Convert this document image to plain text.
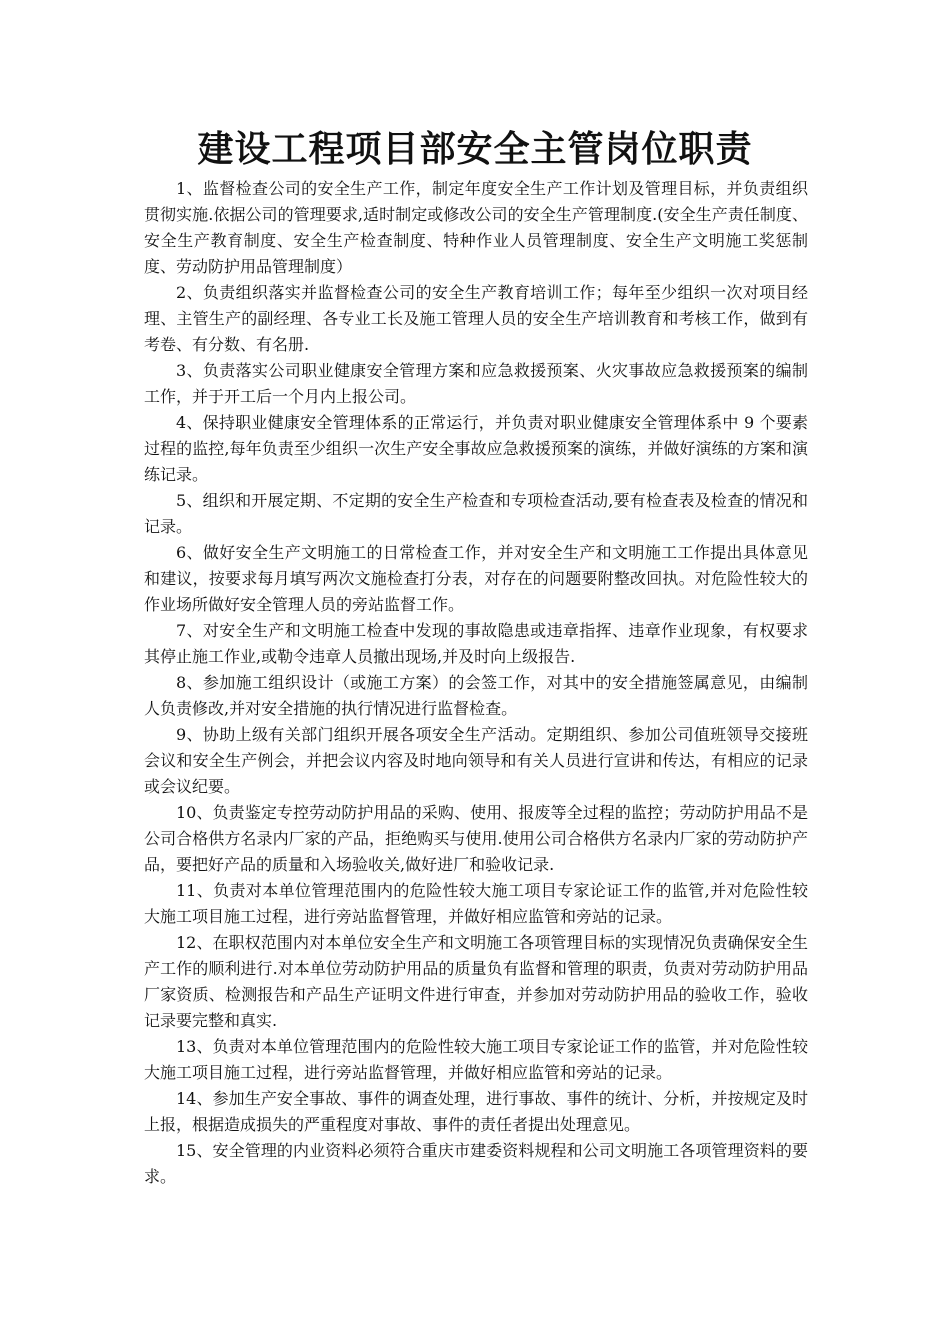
建设工程项目部安全主管岗位职责

1、监督检查公司的安全生产工作，制定年度安全生产工作计划及管理目标，并负责组织贯彻实施.依据公司的管理要求,适时制定或修改公司的安全生产管理制度.(安全生产责任制度、安全生产教育制度、安全生产检查制度、特种作业人员管理制度、安全生产文明施工奖惩制度、劳动防护用品管理制度）

2、负责组织落实并监督检查公司的安全生产教育培训工作；每年至少组织一次对项目经理、主管生产的副经理、各专业工长及施工管理人员的安全生产培训教育和考核工作，做到有考卷、有分数、有名册.

3、负责落实公司职业健康安全管理方案和应急救援预案、火灾事故应急救援预案的编制工作，并于开工后一个月内上报公司。

4、保持职业健康安全管理体系的正常运行，并负责对职业健康安全管理体系中 9 个要素过程的监控,每年负责至少组织一次生产安全事故应急救援预案的演练，并做好演练的方案和演练记录。

5、组织和开展定期、不定期的安全生产检查和专项检查活动,要有检查表及检查的情况和记录。

6、做好安全生产文明施工的日常检查工作，并对安全生产和文明施工工作提出具体意见和建议，按要求每月填写两次文施检查打分表，对存在的问题要附整改回执。对危险性较大的作业场所做好安全管理人员的旁站监督工作。

7、对安全生产和文明施工检查中发现的事故隐患或违章指挥、违章作业现象，有权要求其停止施工作业,或勒令违章人员撤出现场,并及时向上级报告.

8、参加施工组织设计（或施工方案）的会签工作，对其中的安全措施签属意见，由编制人负责修改,并对安全措施的执行情况进行监督检查。

9、协助上级有关部门组织开展各项安全生产活动。定期组织、参加公司值班领导交接班会议和安全生产例会，并把会议内容及时地向领导和有关人员进行宣讲和传达，有相应的记录或会议纪要。

10、负责鉴定专控劳动防护用品的采购、使用、报废等全过程的监控；劳动防护用品不是公司合格供方名录内厂家的产品，拒绝购买与使用.使用公司合格供方名录内厂家的劳动防护产品，要把好产品的质量和入场验收关,做好进厂和验收记录.

11、负责对本单位管理范围内的危险性较大施工项目专家论证工作的监管,并对危险性较大施工项目施工过程，进行旁站监督管理，并做好相应监管和旁站的记录。

12、在职权范围内对本单位安全生产和文明施工各项管理目标的实现情况负责确保安全生产工作的顺利进行.对本单位劳动防护用品的质量负有监督和管理的职责，负责对劳动防护用品厂家资质、检测报告和产品生产证明文件进行审查，并参加对劳动防护用品的验收工作，验收记录要完整和真实.

13、负责对本单位管理范围内的危险性较大施工项目专家论证工作的监管，并对危险性较大施工项目施工过程，进行旁站监督管理，并做好相应监管和旁站的记录。

14、参加生产安全事故、事件的调查处理，进行事故、事件的统计、分析，并按规定及时上报，根据造成损失的严重程度对事故、事件的责任者提出处理意见。

15、安全管理的内业资料必须符合重庆市建委资料规程和公司文明施工各项管理资料的要求。
